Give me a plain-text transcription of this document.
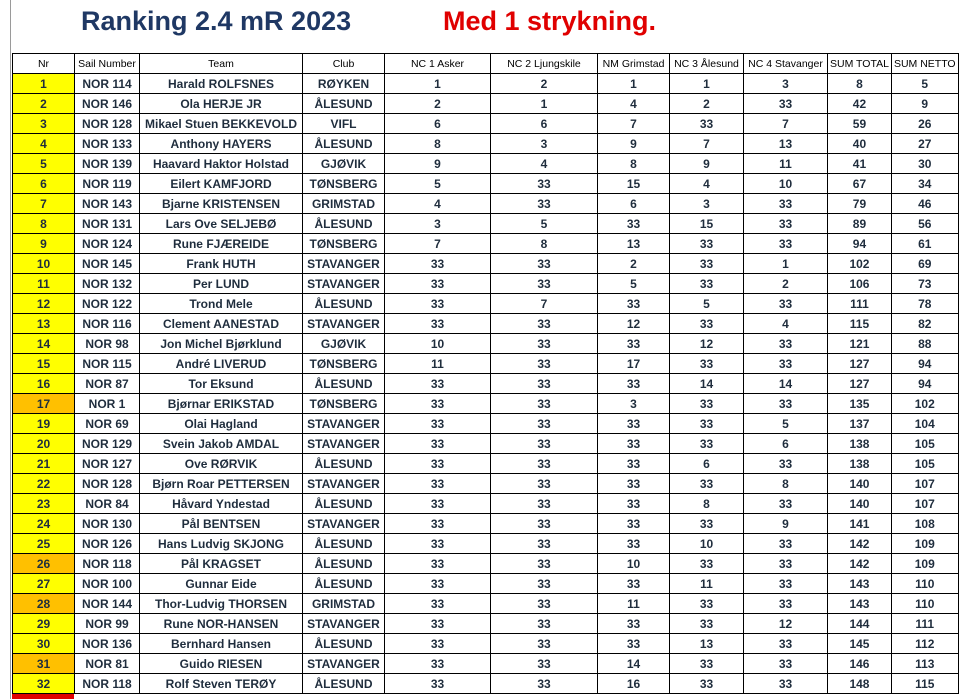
Ranking 2.4 mR 2023	Med 1 strykning.
Nr	Sail Number	Team	Club	NC 1 Asker	NC 2 Ljungskile	NM Grimstad	NC 3 Ålesund	NC 4 Stavanger	SUM TOTAL	SUM NETTO
1	NOR 114	Harald ROLFSNES	RØYKEN	1	2	1	1	3	8	5
2	NOR 146	Ola HERJE JR	ÅLESUND	2	1	4	2	33	42	9
3	NOR 128	Mikael Stuen BEKKEVOLD	VIFL	6	6	7	33	7	59	26
4	NOR 133	Anthony HAYERS	ÅLESUND	8	3	9	7	13	40	27
5	NOR 139	Haavard Haktor Holstad	GJØVIK	9	4	8	9	11	41	30
6	NOR 119	Eilert KAMFJORD	TØNSBERG	5	33	15	4	10	67	34
7	NOR 143	Bjarne KRISTENSEN	GRIMSTAD	4	33	6	3	33	79	46
8	NOR 131	Lars Ove SELJEBØ	ÅLESUND	3	5	33	15	33	89	56
9	NOR 124	Rune FJÆREIDE	TØNSBERG	7	8	13	33	33	94	61
10	NOR 145	Frank HUTH	STAVANGER	33	33	2	33	1	102	69
11	NOR 132	Per LUND	STAVANGER	33	33	5	33	2	106	73
12	NOR 122	Trond Mele	ÅLESUND	33	7	33	5	33	111	78
13	NOR 116	Clement AANESTAD	STAVANGER	33	33	12	33	4	115	82
14	NOR 98	Jon Michel Bjørklund	GJØVIK	10	33	33	12	33	121	88
15	NOR 115	André LIVERUD	TØNSBERG	11	33	17	33	33	127	94
16	NOR 87	Tor Eksund	ÅLESUND	33	33	33	14	14	127	94
17	NOR 1	Bjørnar ERIKSTAD	TØNSBERG	33	33	3	33	33	135	102
19	NOR 69	Olai Hagland	STAVANGER	33	33	33	33	5	137	104
20	NOR 129	Svein Jakob AMDAL	STAVANGER	33	33	33	33	6	138	105
21	NOR 127	Ove RØRVIK	ÅLESUND	33	33	33	6	33	138	105
22	NOR 128	Bjørn Roar PETTERSEN	STAVANGER	33	33	33	33	8	140	107
23	NOR 84	Håvard Yndestad	ÅLESUND	33	33	33	8	33	140	107
24	NOR 130	Pål BENTSEN	STAVANGER	33	33	33	33	9	141	108
25	NOR 126	Hans Ludvig SKJONG	ÅLESUND	33	33	33	10	33	142	109
26	NOR 118	Pål KRAGSET	ÅLESUND	33	33	10	33	33	142	109
27	NOR 100	Gunnar Eide	ÅLESUND	33	33	33	11	33	143	110
28	NOR 144	Thor-Ludvig THORSEN	GRIMSTAD	33	33	11	33	33	143	110
29	NOR 99	Rune NOR-HANSEN	STAVANGER	33	33	33	33	12	144	111
30	NOR 136	Bernhard Hansen	ÅLESUND	33	33	33	13	33	145	112
31	NOR 81	Guido RIESEN	STAVANGER	33	33	14	33	33	146	113
32	NOR 118	Rolf Steven TERØY	ÅLESUND	33	33	16	33	33	148	115
